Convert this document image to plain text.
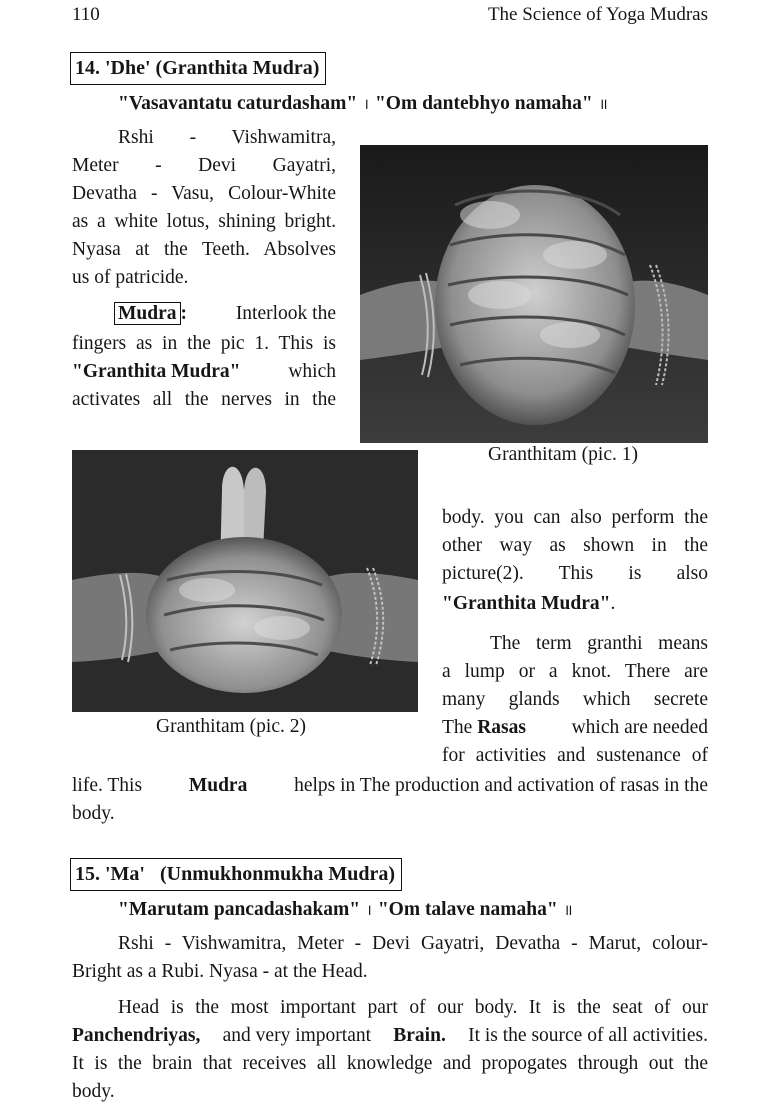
110	The Science of Yoga Mudras
14. 'Dhe' (Granthita Mudra)
"Vasavantatu caturdasham" । "Om dantebhyo namaha" ॥
Rshi - Vishwamitra,
Meter - Devi Gayatri,
Devatha - Vasu, Colour-White
as a white lotus, shining bright.
Nyasa at the Teeth. Absolves
us of patricide.
Mudra :	Interlook the
fingers as in the pic 1. This is
"Granthita Mudra" which
activates all the nerves in the
Granthitam (pic. 1)
Granthitam (pic. 2)
body. you can also perform the
other way as shown in the
picture(2). This is also
"Granthita Mudra".
The term granthi means
a lump or a knot. There are
many glands which secrete
The Rasas which are needed
for activities and sustenance of
life. This Mudra helps in The production and activation of rasas in the
body.
15. 'Ma' (Unmukhonmukha Mudra)
"Marutam pancadashakam" । "Om talave namaha" ॥
Rshi - Vishwamitra, Meter - Devi Gayatri, Devatha - Marut, colour-
Bright as a Rubi. Nyasa - at the Head.
Head is the most important part of our body. It is the seat of our
Panchendriyas, and very important Brain. It is the source of all activities.
It is the brain that receives all knowledge and propogates through out the
body.
